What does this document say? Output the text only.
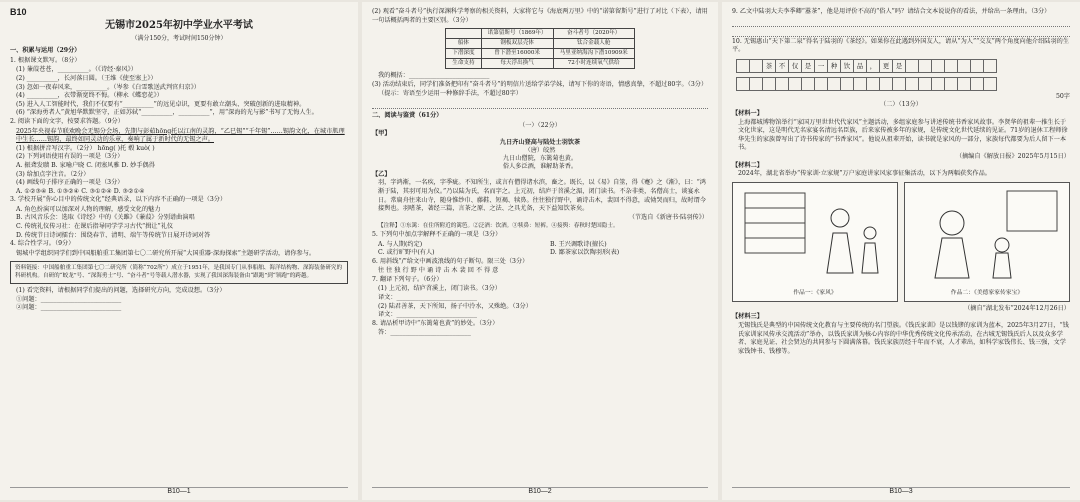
B10
无锡市2025年初中学业水平考试
（满分150分，考试时间150分钟）
一、积累与运用（29分）
1. 根据课文默写。（8分）
(1) 蒹葭苍苍，__________。（《诗经·秦风》）
(2) __________，长河落日圆。（王维《使至塞上》）
(3) 忽如一夜春风来，__________。（岑参《白雪歌送武判官归京》）
(4) __________，衣带渐宽终不悔。（柳永《蝶恋花》）
(5) 进入人工智能时代，我们不仅要有“__________”的远见卓识，更要有敢立潮头、突破创新的进取精神。
(6) “深海勇者人”黄旭华默默坚守，正如苏轼“__________，__________”，用“深海的光与影”书写了无悔人生。
2. 阅读下面的文字，按要求答题。（9分）
2025年央视春节联欢晚会无锡分会场，先期与彭茹hōng托以江南的灵韵，“乙巳锡”“千年锡”……锡韵文化，在城市肌理中生长……锡韵，最终如同灵动的乐章，奏响了属于新时代的无锡之声。
(1) 根据拼音写汉字。（2分） hōng( )托 毂 kuò( )
(2) 下列词语使用有误的一项是（3分）
A. 振聋发聩 B. 家喻户晓 C. 闭塞风雅 D. 妙手偶得
(3) 给加点字注音。（2分）
(4) 画线句子排序正确的一项是（3分）
A. ①②③④ B. ①③②④ C. ③①②④ D. ③②①④
3. 学校开展“你心目中的传统文化”经典语录，以下内容不正确的一项是（3分）
A. 角色扮演可以加深对人物的理解，感受文化的魅力
B. 古风音乐会：选取《诗经》中的《关雎》《蒹葭》分别谱曲演唱
C. 传统礼仪传习社：在课后指导同学学习古代“揖让”礼仪
D. 传统节日诗词擂台：围绕春节、清明、端午等传统节日展开诗词对答
4. 综合性学习。（9分）
锡城中学组织同学们到中国船舶重工集团第七〇二研究所开展“大国重器·深海探索”主题研学活动，请你参与。
资料链接：中国船舶重工集团第七〇二研究所（简称“702所”）成立于1951年，是我国专门从事船舶、海洋结构物、深海装备研究的科研机构。自研的“蛟龙”号、“深海勇士”号、“奋斗者”号等载人潜水器，实现了我国深海装备由“跟跑”到“领跑”的跨越。
(1) 看完资料，请根据同学们提出的问题，选择研究方向，完成设想。（3分）
①问题：__________________________
②问题：__________________________
B10—1
(2) 观看“奋斗者号”执行深渊科学考察的相关资料，大家将它与《海底两万里》中的“诺第留斯号”进行了对比（下表），请用一句话概括两者的主要区别。（3分）
	诺第留斯号（1869年）	奋斗者号（2020年）
船体	钢板双层壳体	钛合金载人舱
下潜深度	曾下潜至16000米	马里亚纳海沟下潜10909米
生命支持	每天浮出换气	72小时连续氧气供给
我的概括：__________________________
(3) 活动结束后，同学们准备把印有“奋斗者号”的明信片送给学弟学妹，请写下你的寄语，情感真挚，不超过80字。（3分）
（提示：寄语至少运用一种修辞手法，不超过80字）
二、阅读与鉴赏（61分）
（一）（22分）
【甲】
九日齐山登高与陆处士羽饮茶
（唐）皎然
九日山僧院，东篱菊也黄。
俗人多泛酒，谁解助茶香。
【乙】
羽，字鸿渐，一名疾，字季疵。不知所生，或言有僧得诸水滨，畜之。既长，以《易》自筮，得《蹇》之《渐》，曰：“鸿渐于陆，其羽可用为仪。”乃以陆为氏，名而字之。上元初，结庐于苕溪之湄，闭门读书。不杂非类，名僧高士，谈宴永日。常扁舟往来山寺，随身惟纱巾、藤鞋、短褐、犊鼻。往往独行野中，诵诗击木，裴回不得意，或恸哭而归，故时谓今接舆也。羽嗜茶，著经三篇，言茶之原、之法、之具尤备，天下益知饮茶矣。
（节选自《新唐书·陆羽传》）
【注释】①东篱：在住所附近的篱笆。②泛酒：饮酒。③犊鼻：短裤。④接舆：春秋时楚国隐士。
5. 下列句中加点字解释不正确的一项是（3分）
A. 与人期(约定)	B. 王兴调歌诗(擅长)
C. 或行旷野中(有人)	D. 鄙茶家以饮陶羽形(表)
6. 用斜线“/”给文中画波浪线的句子断句。限三处（3分）
往 往 独 行 野 中 诵 诗 击 木 裴 回 不 得 意
7. 翻译下列句子。（6分）
(1) 上元初，结庐苕溪上，闭门读书。（3分）
译文：__________________________
(2) 陆君善茶，天下所知，扬子中泠水，又殊绝。（3分）
译文：__________________________
8. 请品析甲诗中“东篱菊也黄”的妙处。（3分）
答：__________________________
B10—2
9. 乙文中陆羽大夫李季卿“嚣茶”，他是用评价不高的“俗人”吗？请结合文本说说你的看法，并给出一条理由。（3分）
10. 无锡惠山“天下第二泉”得名于陆羽的《茶经》。如果你在此遇到外国友人，请从“为人”“交友”两个角度向他介绍陆羽的生平。
茶	不	仅	是	一	种	饮	品	，	更	是
50字
（二）（13分）
【材料一】
上海都城博物馆举行“家国万里世世代代家风”主题活动，多组家庭参与讲述传统书香家风故事。李贤华的祖辈一推生长于文化世家，这是明代无名家宴名清远名臣族，后来家传被多年的家规，是传统文化世代延续的见证。71岁的退休工程师徐华先生的家族曾写出了诗书传家的“书香家风”。他说从祖辈开始，读书就是家风的一部分，家族每代都要为后人留下一本书。
（摘编自《解放日报》2025年5月15日）
【材料二】
2024年，湖北省举办“传家训·立家规”万户家庭讲家风家事征集活动，以下为两幅获奖作品。
作品一：《家风》	作品二：《美德家家传家宝》
（摘自“湖北发布”2024年12月26日）
【材料三】
无锡钱氏是典型的中国传统文化教育与主要传统的名门望族。《钱氏家训》是以钱镠的家训为蓝本，2025年3月27日，“钱氏家训家风传承交流活动”举办，以钱氏家训为核心内容的中华优秀传统文化传承活动，在古城无锡钱氏后人以及众多学者、家庭见证、社会贤达的共同参与下圆满落幕。钱氏家族历经千年而不衰，人才辈出，如科学家钱伟长、钱三强，文学家钱钟书、钱穆等。
B10—3
